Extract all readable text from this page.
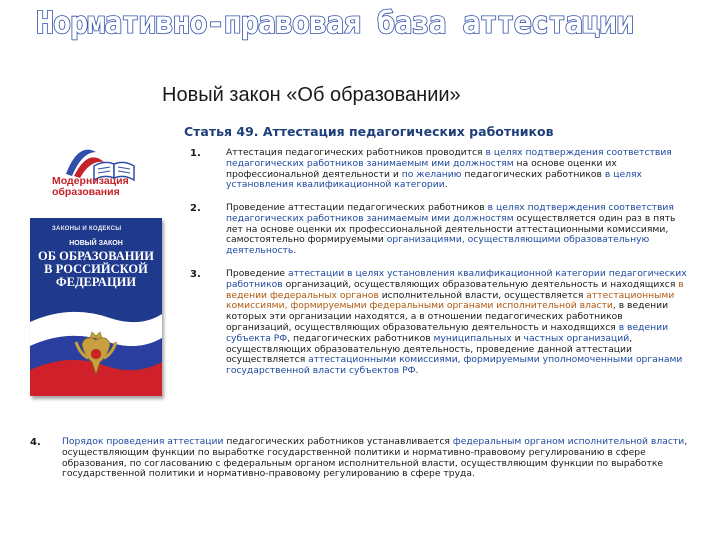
Нормативно-правовая база аттестации
Новый закон «Об образовании»
Статья 49. Аттестация педагогических работников
Модернизация
образования
ЗАКОНЫ И КОДЕКСЫ
НОВЫЙ ЗАКОН
ОБ ОБРАЗОВАНИИ
В РОССИЙСКОЙ
ФЕДЕРАЦИИ
1.	Аттестация педагогических работников проводится в целях подтверждения соответствия педагогических работников занимаемым ими должностям на основе оценки их профессиональной деятельности и по желанию педагогических работников в целях установления квалификационной категории.
2.	Проведение аттестации педагогических работников в целях подтверждения соответствия педагогических работников занимаемым ими должностям осуществляется один раз в пять лет на основе оценки их профессиональной деятельности аттестационными комиссиями, самостоятельно формируемыми организациями, осуществляющими образовательную деятельность.
3.	Проведение аттестации в целях установления квалификационной категории педагогических работников организаций, осуществляющих образовательную деятельность и находящихся в ведении федеральных органов исполнительной власти, осуществляется аттестационными комиссиями, формируемыми федеральными органами исполнительной власти, в ведении которых эти организации находятся, а в отношении педагогических работников организаций, осуществляющих образовательную деятельность и находящихся в ведении субъекта РФ, педагогических работников муниципальных и частных организаций, осуществляющих образовательную деятельность, проведение данной аттестации осуществляется аттестационными комиссиями, формируемыми уполномоченными органами государственной власти субъектов РФ.
4. Порядок проведения аттестации педагогических работников устанавливается федеральным органом исполнительной власти, осуществляющим функции по выработке государственной политики и нормативно-правовому регулированию в сфере образования, по согласованию с федеральным органом исполнительной власти, осуществляющим функции по выработке государственной политики и нормативно-правовому регулированию в сфере труда.
